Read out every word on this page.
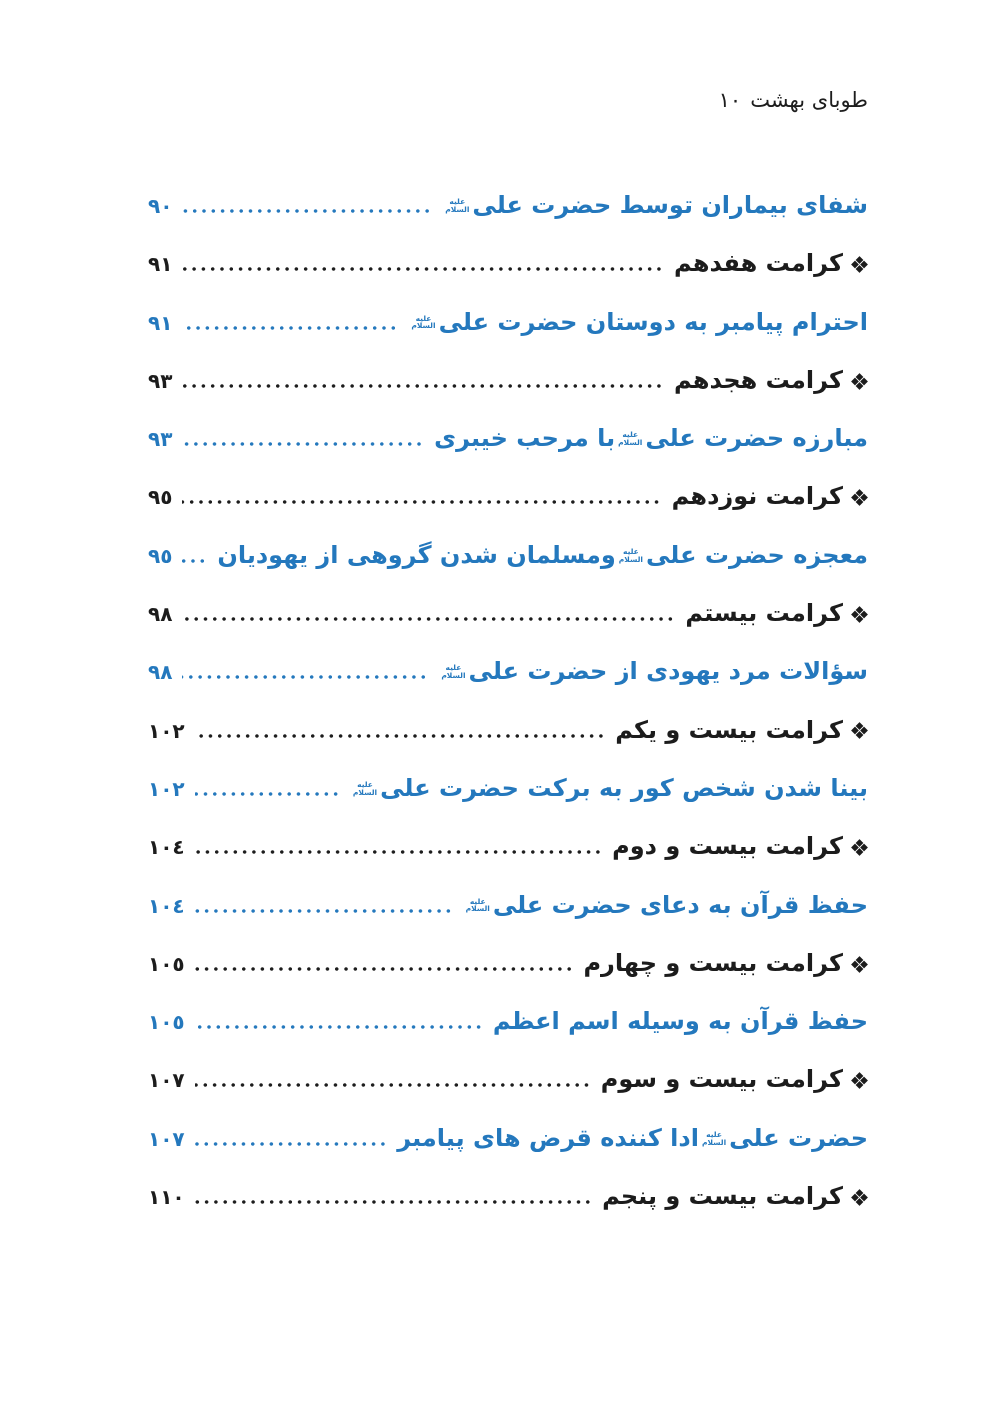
طوبای بهشت
١٠
شفای بیماران توسط حضرت علی
علیه
السلام
٩٠
کرامت هفدهم
٩١
احترام پیامبر به دوستان حضرت علی
علیه
السلام
٩١
کرامت هجدهم
٩٣
مبارزه حضرت علی
علیه
السلام
با مرحب خیبری
٩٣
کرامت نوزدهم
٩٥
معجزه حضرت علی
علیه
السلام
ومسلمان شدن گروهی از یهودیان
٩٥
کرامت بیستم
٩٨
سؤالات مرد یهودی از حضرت علی
علیه
السلام
٩٨
کرامت بیست و یکم
١٠٢
بینا شدن شخص کور به برکت حضرت علی
علیه
السلام
١٠٢
کرامت بیست و دوم
١٠٤
حفظ قرآن به دعای حضرت علی
علیه
السلام
١٠٤
کرامت بیست و چهارم
١٠٥
حفظ قرآن به وسیله اسم اعظم
١٠٥
کرامت بیست و سوم
١٠٧
حضرت علی
علیه
السلام
ادا کننده قرض های پیامبر
١٠٧
کرامت بیست و پنجم
١١٠
